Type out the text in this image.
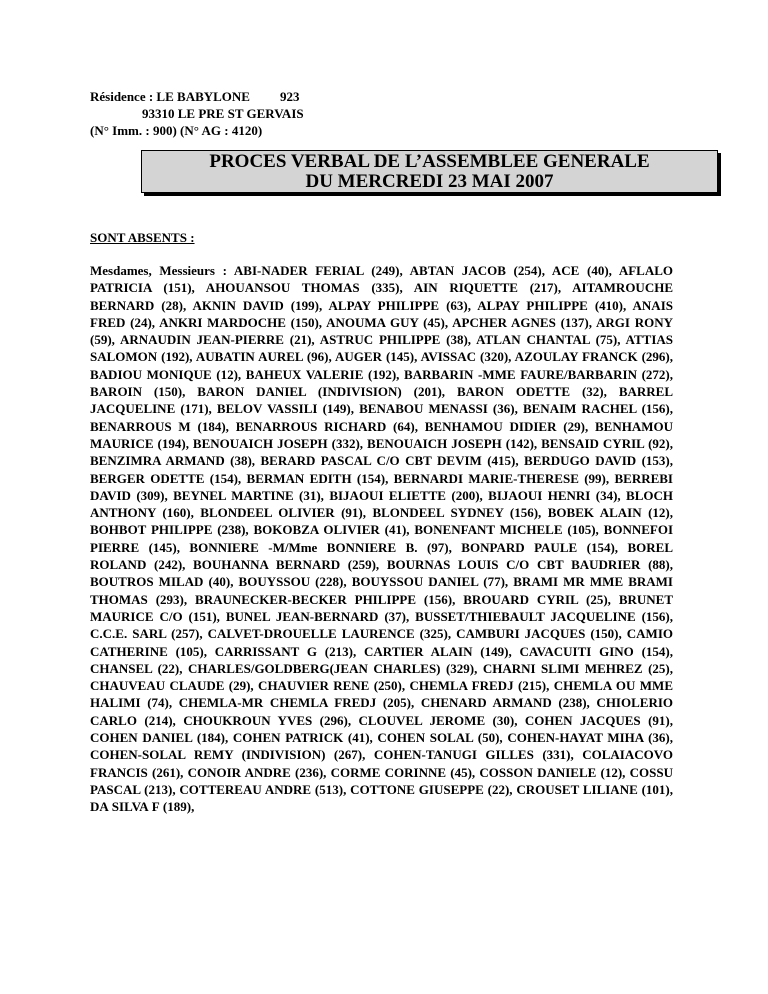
Résidence : LE BABYLONE	923
93310 LE PRE ST GERVAIS
(N° Imm. : 900) (N° AG : 4120)
PROCES VERBAL DE L’ASSEMBLEE GENERALE
DU MERCREDI 23 MAI 2007
SONT ABSENTS :
Mesdames, Messieurs : ABI-NADER FERIAL (249), ABTAN JACOB (254), ACE (40), AFLALO PATRICIA (151), AHOUANSOU THOMAS (335), AIN RIQUETTE (217), AITAMROUCHE BERNARD (28), AKNIN DAVID (199), ALPAY PHILIPPE (63), ALPAY PHILIPPE (410), ANAIS FRED (24), ANKRI MARDOCHE (150), ANOUMA GUY (45), APCHER AGNES (137), ARGI RONY (59), ARNAUDIN JEAN-PIERRE (21), ASTRUC PHILIPPE (38), ATLAN CHANTAL (75), ATTIAS SALOMON (192), AUBATIN AUREL (96), AUGER (145), AVISSAC (320), AZOULAY FRANCK (296), BADIOU MONIQUE (12), BAHEUX VALERIE (192), BARBARIN -MME FAURE/BARBARIN (272), BAROIN (150), BARON DANIEL (INDIVISION) (201), BARON ODETTE (32), BARREL JACQUELINE (171), BELOV VASSILI (149), BENABOU MENASSI (36), BENAIM RACHEL (156), BENARROUS M (184), BENARROUS RICHARD (64), BENHAMOU DIDIER (29), BENHAMOU MAURICE (194), BENOUAICH JOSEPH (332), BENOUAICH JOSEPH (142), BENSAID CYRIL (92), BENZIMRA ARMAND (38), BERARD PASCAL C/O CBT DEVIM (415), BERDUGO DAVID (153), BERGER ODETTE (154), BERMAN EDITH (154), BERNARDI MARIE-THERESE (99), BERREBI DAVID (309), BEYNEL MARTINE (31), BIJAOUI ELIETTE (200), BIJAOUI HENRI (34), BLOCH ANTHONY (160), BLONDEEL OLIVIER (91), BLONDEEL SYDNEY (156), BOBEK ALAIN (12), BOHBOT PHILIPPE (238), BOKOBZA OLIVIER (41), BONENFANT MICHELE (105), BONNEFOI PIERRE (145), BONNIERE -M/Mme BONNIERE B. (97), BONPARD PAULE (154), BOREL ROLAND (242), BOUHANNA BERNARD (259), BOURNAS LOUIS C/O CBT BAUDRIER (88), BOUTROS MILAD (40), BOUYSSOU (228), BOUYSSOU DANIEL (77), BRAMI MR MME BRAMI THOMAS (293), BRAUNECKER-BECKER PHILIPPE (156), BROUARD CYRIL (25), BRUNET MAURICE C/O (151), BUNEL JEAN-BERNARD (37), BUSSET/THIEBAULT JACQUELINE (156), C.C.E. SARL (257), CALVET-DROUELLE LAURENCE (325), CAMBURI JACQUES (150), CAMIO CATHERINE (105), CARRISSANT G (213), CARTIER ALAIN (149), CAVACUITI GINO (154), CHANSEL (22), CHARLES/GOLDBERG(JEAN CHARLES) (329), CHARNI SLIMI MEHREZ (25), CHAUVEAU CLAUDE (29), CHAUVIER RENE (250), CHEMLA FREDJ (215), CHEMLA OU MME HALIMI (74), CHEMLA-MR CHEMLA FREDJ (205), CHENARD ARMAND (238), CHIOLERIO CARLO (214), CHOUKROUN YVES (296), CLOUVEL JEROME (30), COHEN JACQUES (91), COHEN DANIEL (184), COHEN PATRICK (41), COHEN SOLAL (50), COHEN-HAYAT MIHA (36), COHEN-SOLAL REMY (INDIVISION) (267), COHEN-TANUGI GILLES (331), COLAIACOVO FRANCIS (261), CONOIR ANDRE (236), CORME CORINNE (45), COSSON DANIELE (12), COSSU PASCAL (213), COTTEREAU ANDRE (513), COTTONE GIUSEPPE (22), CROUSET LILIANE (101), DA SILVA F (189),
